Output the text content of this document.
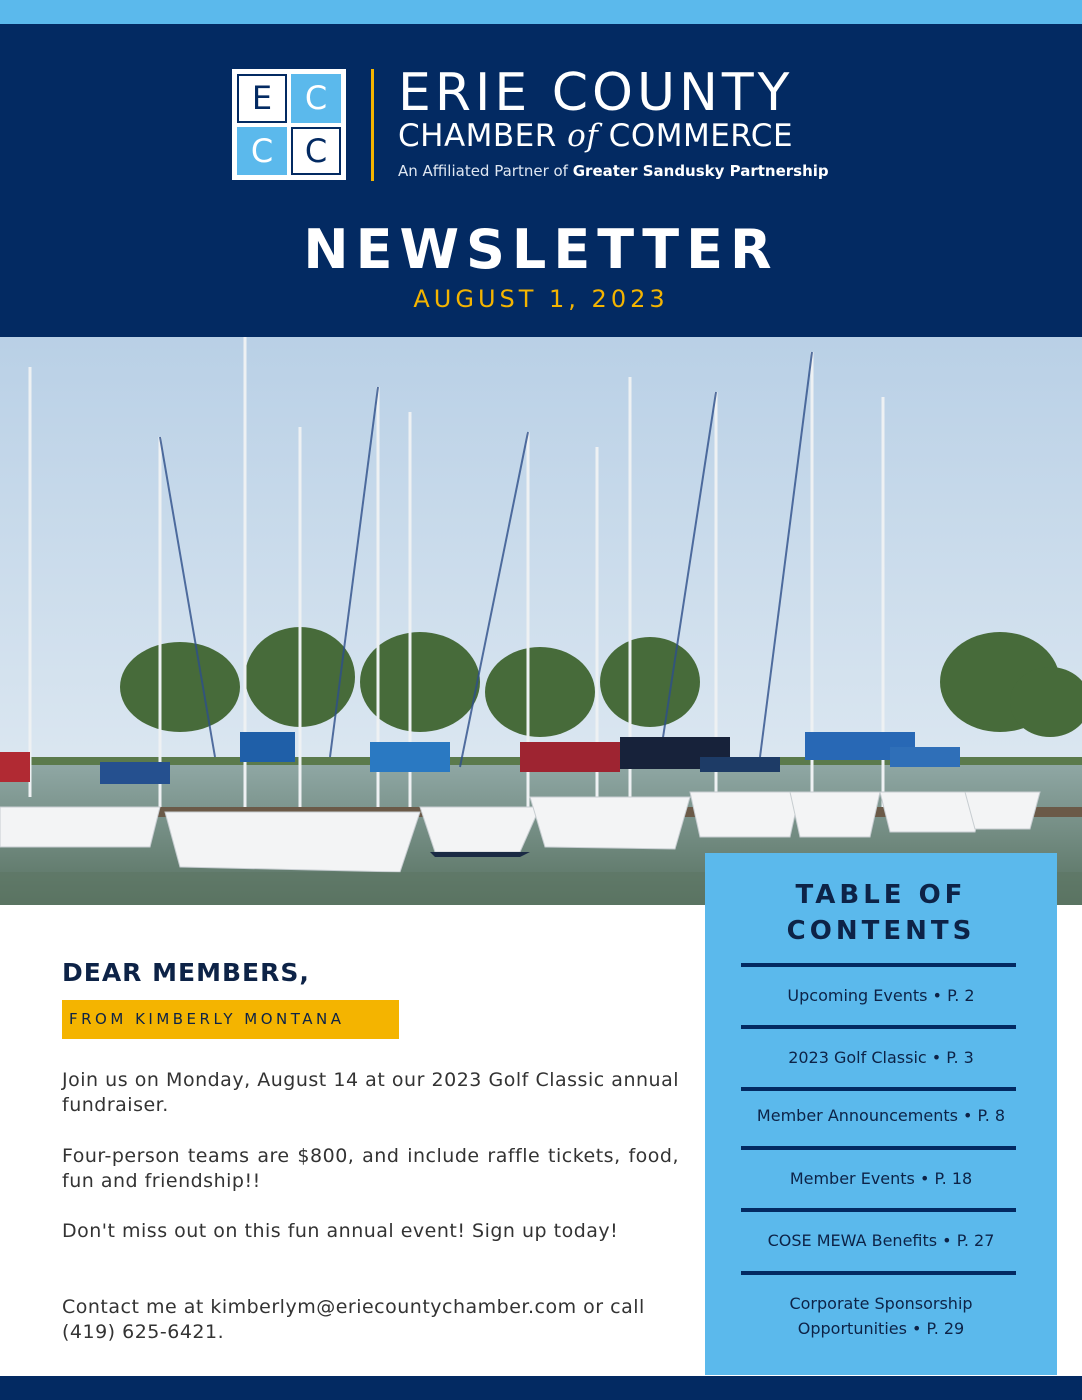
E	C
C C
ERIE COUNTY
CHAMBER of COMMERCE
An Affiliated Partner of Greater Sandusky Partnership
NEWSLETTER
AUGUST 1, 2023
TABLE OF
CONTENTS
Upcoming Events • P. 2
2023 Golf Classic • P. 3
Member Announcements • P. 8
Member Events • P. 18
COSE MEWA Benefits • P. 27
Corporate Sponsorship Opportunities • P. 29
DEAR MEMBERS,
FROM KIMBERLY MONTANA

Join us on Monday, August 14 at our 2023 Golf Classic annual fundraiser.

Four-person teams are $800, and include raffle tickets, food, fun and friendship!!

Don't miss out on this fun annual event! Sign up today!

Contact me at kimberlym@eriecountychamber.com or call (419) 625-6421.
